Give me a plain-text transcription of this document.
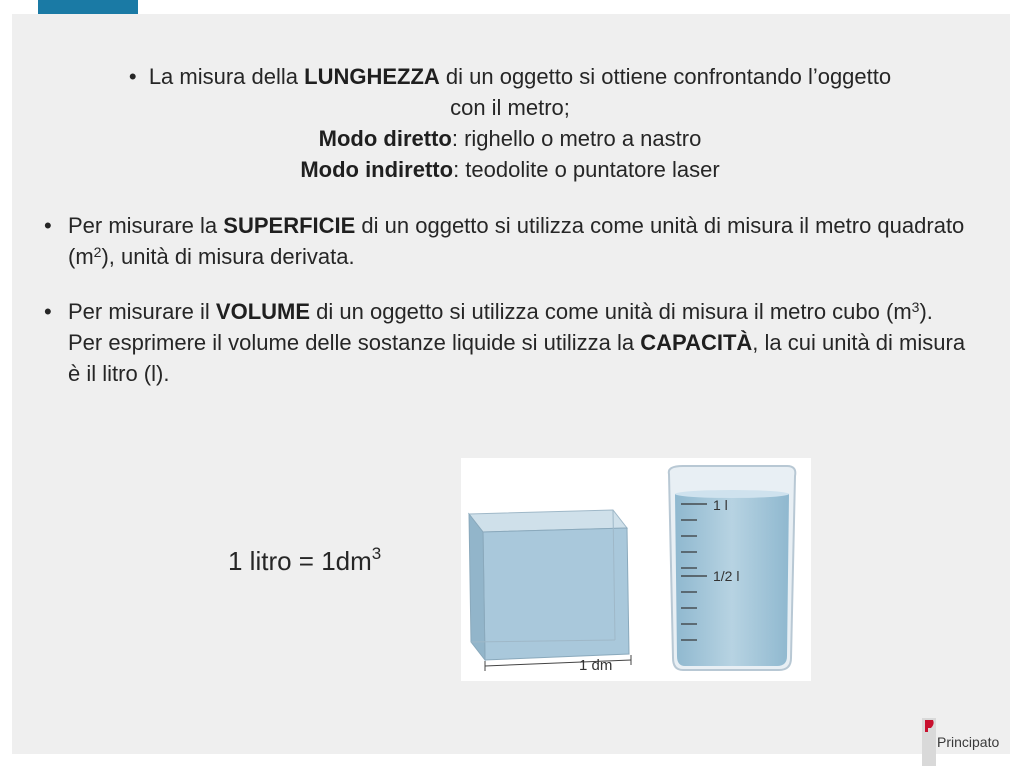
• La misura della LUNGHEZZA di un oggetto si ottiene confrontando l’oggetto
con il metro;
Modo diretto: righello o metro a nastro
Modo indiretto: teodolite o puntatore laser
• Per misurare la SUPERFICIE di un oggetto si utilizza come unità di misura il metro quadrato $(m^2)$, unità di misura derivata.
• Per misurare il VOLUME di un oggetto si utilizza come unità di misura il metro cubo $(m^3)$.
Per esprimere il volume delle sostanze liquide si utilizza la CAPACITÀ, la cui unità di misura è il litro (l).
1 litro = $1dm^3$
1 dm
1 l
1/2 l
Principato
